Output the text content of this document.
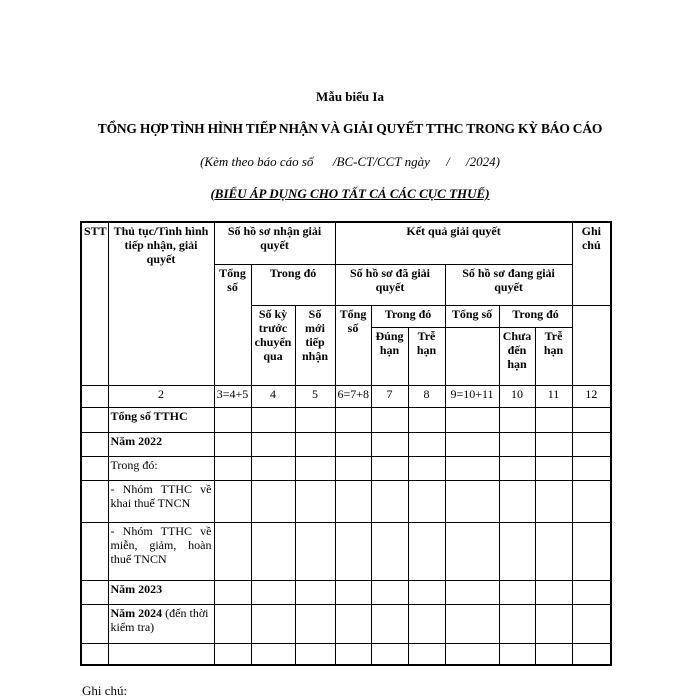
Mẫu biểu Ia
TỔNG HỢP TÌNH HÌNH TIẾP NHẬN VÀ GIẢI QUYẾT TTHC TRONG KỲ BÁO CÁO
(Kèm theo báo cáo số      /BC-CT/CCT ngày     /     /2024)
(BIỂU ÁP DỤNG CHO TẤT CẢ CÁC CỤC THUẾ)
STT	Thủ tục/Tình hình tiếp nhận, giải quyết	Số hồ sơ nhận giải quyết			Kết quả giải quyết						Ghi chú
		Tổng số	Trong đó		Số hồ sơ đã giải quyết			Số hồ sơ đang giải quyết			
			Số kỳ trước chuyển qua	Số mới tiếp nhận	Tổng số	Trong đó		Tổng số	Trong đó		
						Đúng hạn	Trễ hạn		Chưa đến hạn	Trễ hạn	

	2	3=4+5	4	5	6=7+8	7	8	9=10+11	10	11	12
	Tổng số TTHC										
	Năm 2022										
	Trong đó:										
	- Nhóm TTHC về khai thuế TNCN										
	- Nhóm TTHC về miễn, giảm, hoàn thuế TNCN										
	Năm 2023										
	Năm 2024 (đến thời kiểm tra)										

Ghi chú:
